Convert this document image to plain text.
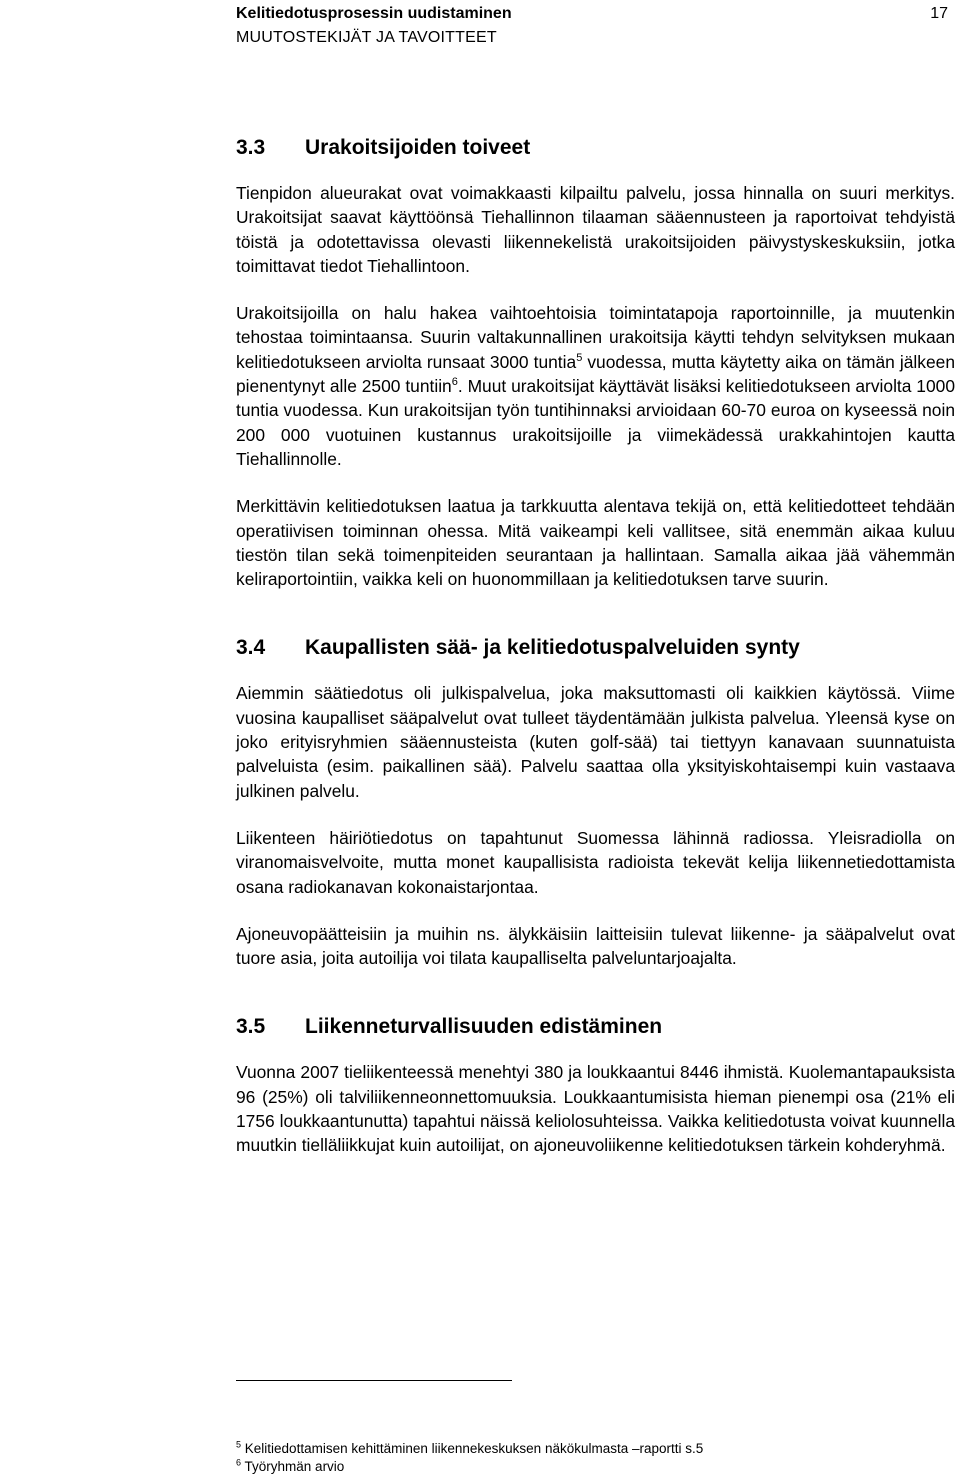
Kelitiedotusprosessin uudistaminen
MUUTOSTEKIJÄT JA TAVOITTEET
17
3.3 Urakoitsijoiden toiveet

Tienpidon alueurakat ovat voimakkaasti kilpailtu palvelu, jossa hinnalla on suuri merkitys. Urakoitsijat saavat käyttöönsä Tiehallinnon tilaaman sääennusteen ja raportoivat tehdyistä töistä ja odotettavissa olevasti liikennekelistä urakoitsijoiden päivystyskeskuksiin, jotka toimittavat tiedot Tiehallintoon.

Urakoitsijoilla on halu hakea vaihtoehtoisia toimintatapoja raportoinnille, ja muutenkin tehostaa toimintaansa. Suurin valtakunnallinen urakoitsija käytti tehdyn selvityksen mukaan kelitiedotukseen arviolta runsaat 3000 tuntia$^5$ vuodessa, mutta käytetty aika on tämän jälkeen pienentynyt alle 2500 tuntiin$^6$. Muut urakoitsijat käyttävät lisäksi kelitiedotukseen arviolta 1000 tuntia vuodessa. Kun urakoitsijan työn tuntihinnaksi arvioidaan 60-70 euroa on kyseessä noin 200 000 vuotuinen kustannus urakoitsijoille ja viimekädessä urakkahintojen kautta Tiehallinnolle.

Merkittävin kelitiedotuksen laatua ja tarkkuutta alentava tekijä on, että kelitiedotteet tehdään operatiivisen toiminnan ohessa. Mitä vaikeampi keli vallitsee, sitä enemmän aikaa kuluu tiestön tilan sekä toimenpiteiden seurantaan ja hallintaan. Samalla aikaa jää vähemmän keliraportointiin, vaikka keli on huonommillaan ja kelitiedotuksen tarve suurin.

3.4 Kaupallisten sää- ja kelitiedotuspalveluiden synty

Aiemmin säätiedotus oli julkispalvelua, joka maksuttomasti oli kaikkien käytössä. Viime vuosina kaupalliset sääpalvelut ovat tulleet täydentämään julkista palvelua. Yleensä kyse on joko erityisryhmien sääennusteista (kuten golf-sää) tai tiettyyn kanavaan suunnatuista palveluista (esim. paikallinen sää). Palvelu saattaa olla yksityiskohtaisempi kuin vastaava julkinen palvelu.

Liikenteen häiriötiedotus on tapahtunut Suomessa lähinnä radiossa. Yleisradiolla on viranomaisvelvoite, mutta monet kaupallisista radioista tekevät kelija liikennetiedottamista osana radiokanavan kokonaistarjontaa.

Ajoneuvopäätteisiin ja muihin ns. älykkäisiin laitteisiin tulevat liikenne- ja sääpalvelut ovat tuore asia, joita autoilija voi tilata kaupalliselta palveluntarjoajalta.

3.5 Liikenneturvallisuuden edistäminen

Vuonna 2007 tieliikenteessä menehtyi 380 ja loukkaantui 8446 ihmistä. Kuolemantapauksista 96 (25%) oli talviliikenneonnettomuuksia. Loukkaantumisista hieman pienempi osa (21% eli 1756 loukkaantunutta) tapahtui näissä keliolosuhteissa. Vaikka kelitiedotusta voivat kuunnella muutkin tielläliikkujat kuin autoilijat, on ajoneuvoliikenne kelitiedotuksen tärkein kohderyhmä.

$^5$ Kelitiedottamisen kehittäminen liikennekeskuksen näkökulmasta –raportti s.5
$^6$ Työryhmän arvio
